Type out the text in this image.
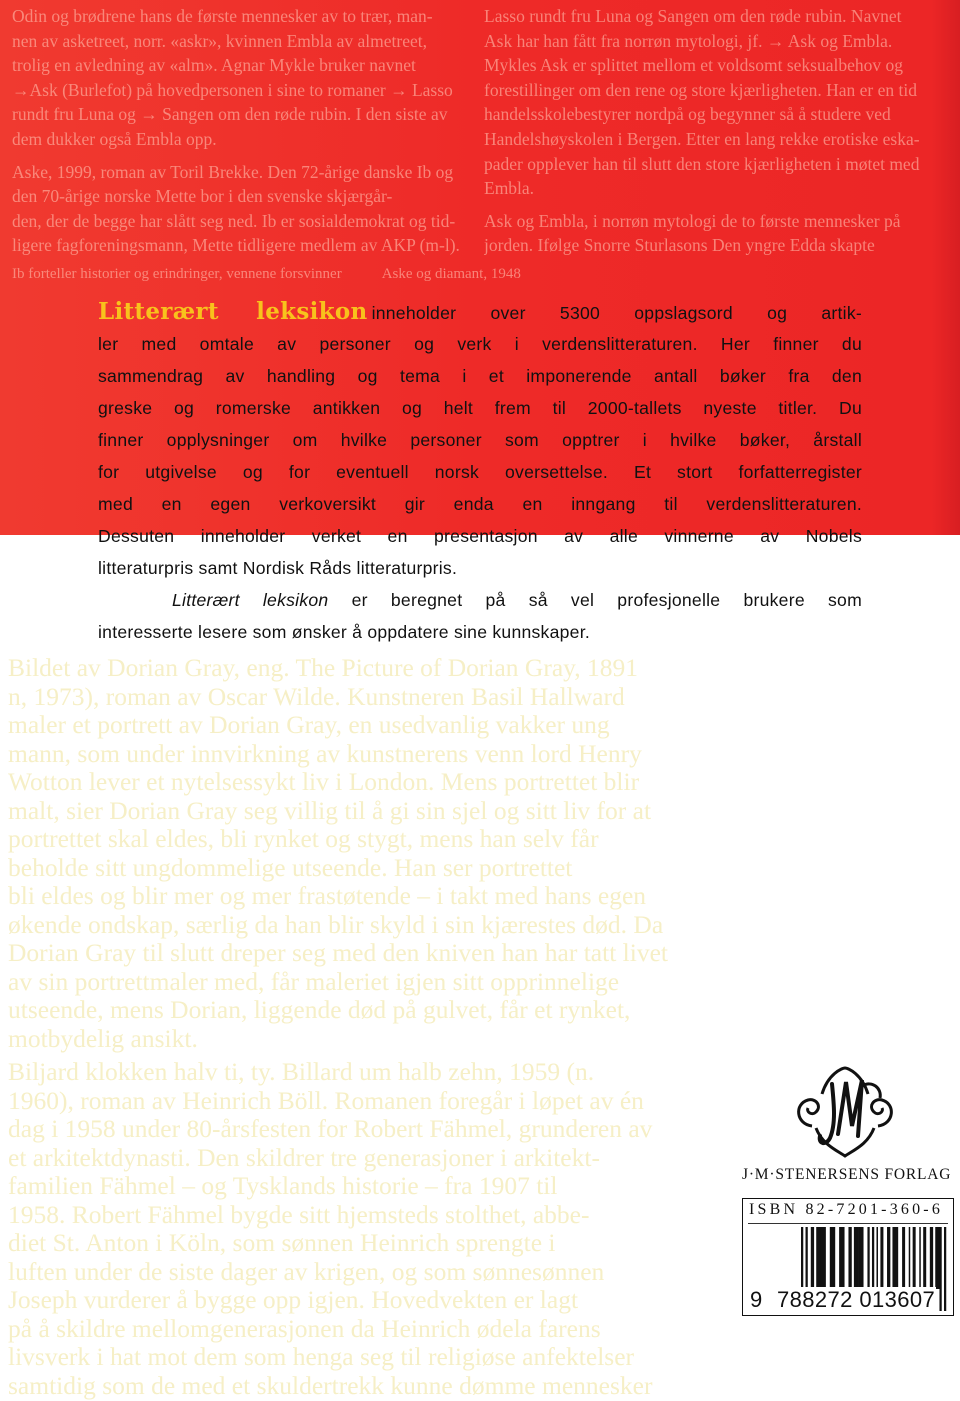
Lasso rundt fru Luna og Sangen om den røde rubin. Navnet
Ask har han fått fra norrøn mytologi, jf. → Ask og Embla.
Mykles Ask er splittet mellom et voldsomt seksualbehov og
forestillinger om den rene og store kjærligheten. Han er en tid
handelsskolebestyrer nordpå og begynner så å studere ved
Handelshøyskolen i Bergen. Etter en lang rekke erotiske eska-
pader opplever han til slutt den store kjærligheten i møtet med
Embla.
Ask og Embla, i norrøn mytologi de to første mennesker på
jorden. Ifølge Snorre Sturlasons Den yngre Edda skapte
Odin og brødrene hans de første mennesker av to trær, man-
nen av asketreet, norr. «askr», kvinnen Embla av almetreet,
trolig en avledning av «alm». Agnar Mykle bruker navnet
→Ask (Burlefot) på hovedpersonen i sine to romaner → Lasso
rundt fru Luna og → Sangen om den røde rubin. I den siste av
dem dukker også Embla opp.
Aske, 1999, roman av Toril Brekke. Den 72-årige danske Ib og
den 70-årige norske Mette bor i den svenske skjærgår-
den, der de begge har slått seg ned. Ib er sosialdemokrat og tid-
ligere fagforeningsmann, Mette tidligere medlem av AKP (m-l).
Ib forteller historier og erindringer, vennene forsvinner	Aske og diamant, 1948
Bildet av Dorian Gray, eng. The Picture of Dorian Gray, 1891
n, 1973), roman av Oscar Wilde. Kunstneren Basil Hallward
maler et portrett av Dorian Gray, en usedvanlig vakker ung
mann, som under innvirkning av kunstnerens venn lord Henry
Wotton lever et nytelsessykt liv i London. Mens portrettet blir
malt, sier Dorian Gray seg villig til å gi sin sjel og sitt liv for at
portrettet skal eldes, bli rynket og stygt, mens han selv får
beholde sitt ungdommelige utseende. Han ser portrettet
bli eldes og blir mer og mer frastøtende – i takt med hans egen
økende ondskap, særlig da han blir skyld i sin kjærestes død. Da
Dorian Gray til slutt dreper seg med den kniven han har tatt livet
av sin portrettmaler med, får maleriet igjen sitt opprinnelige
utseende, mens Dorian, liggende død på gulvet, får et rynket,
motbydelig ansikt.
Biljard klokken halv ti, ty. Billard um halb zehn, 1959 (n.
1960), roman av Heinrich Böll. Romanen foregår i løpet av én
dag i 1958 under 80-årsfesten for Robert Fähmel, grunderen av
et arkitektdynasti. Den skildrer tre generasjoner i arkitekt-
familien Fähmel – og Tysklands historie – fra 1907 til
1958. Robert Fähmel bygde sitt hjemsteds stolthet, abbe-
diet St. Anton i Köln, som sønnen Heinrich sprengte i
luften under de siste dager av krigen, og som sønnesønnen
Joseph vurderer å bygge opp igjen. Hovedvekten er lagt
på å skildre mellomgenerasjonen da Heinrich ødela farens
livsverk i hat mot dem som henga seg til religiøse anfektelser
samtidig som de med et skuldertrekk kunne dømme mennesker
Litterært leksikon inneholder over 5300 oppslagsord og artik-
ler med omtale av personer og verk i verdenslitteraturen. Her finner du
sammendrag av handling og tema i et imponerende antall bøker fra den
greske og romerske antikken og helt frem til 2000-tallets nyeste titler. Du
finner opplysninger om hvilke personer som opptrer i hvilke bøker, årstall
for utgivelse og for eventuell norsk oversettelse. Et stort forfatterregister
med en egen verkoversikt gir enda en inngang til verdenslitteraturen.
Dessuten inneholder verket en presentasjon av alle vinnerne av Nobels
litteraturpris samt Nordisk Råds litteraturpris.
Litterært leksikon er beregnet på så vel profesjonelle brukere som
interesserte lesere som ønsker å oppdatere sine kunnskaper.
J·M·STENERSENS FORLAG
ISBN 82-7201-360-6
9 788272 013607
